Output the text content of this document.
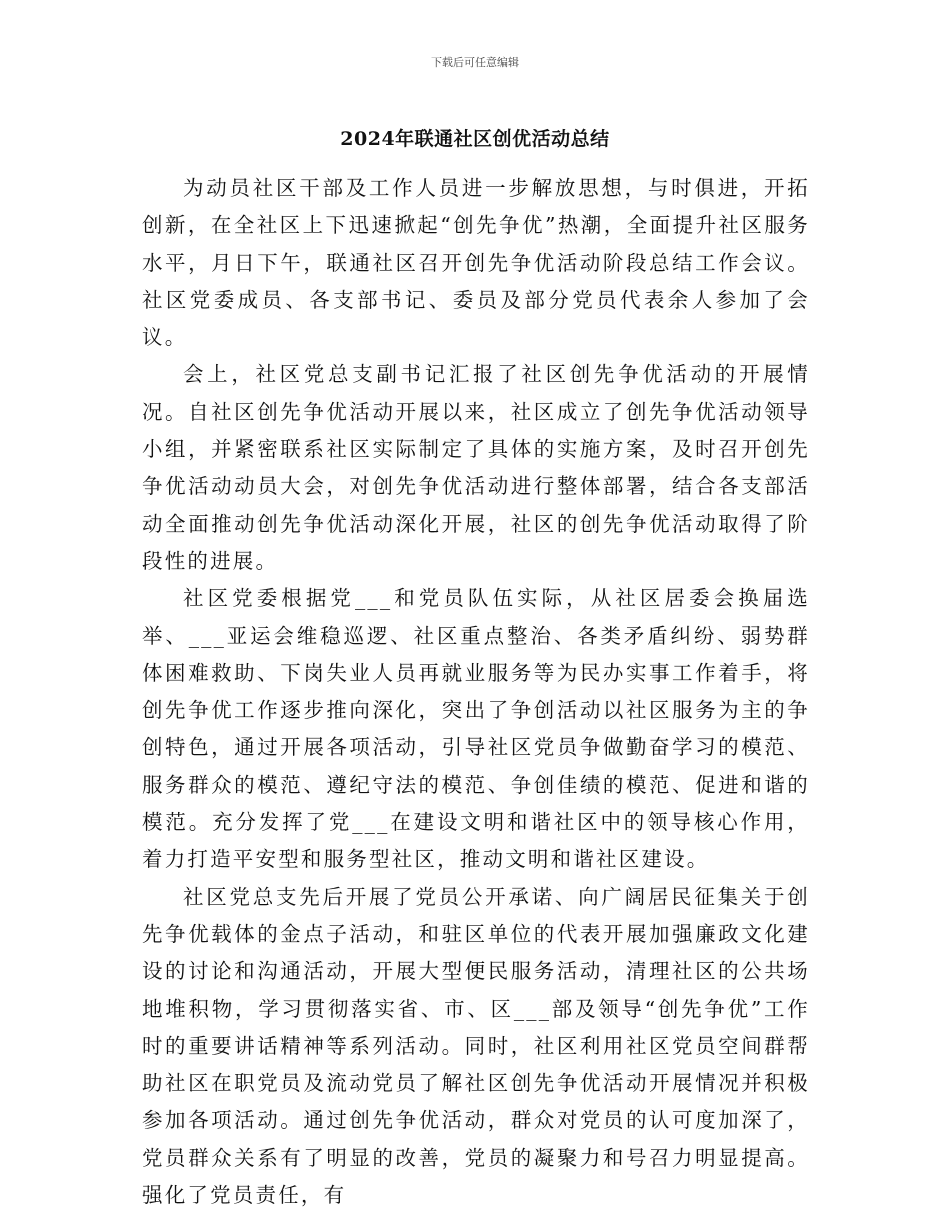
下载后可任意编辑
2024年联通社区创优活动总结

为动员社区干部及工作人员进一步解放思想，与时俱进，开拓创新，在全社区上下迅速掀起“创先争优”热潮，全面提升社区服务水平，月日下午，联通社区召开创先争优活动阶段总结工作会议。社区党委成员、各支部书记、委员及部分党员代表余人参加了会议。

会上，社区党总支副书记汇报了社区创先争优活动的开展情况。自社区创先争优活动开展以来，社区成立了创先争优活动领导小组，并紧密联系社区实际制定了具体的实施方案，及时召开创先争优活动动员大会，对创先争优活动进行整体部署，结合各支部活动全面推动创先争优活动深化开展，社区的创先争优活动取得了阶段性的进展。

社区党委根据党___和党员队伍实际，从社区居委会换届选举、___亚运会维稳巡逻、社区重点整治、各类矛盾纠纷、弱势群体困难救助、下岗失业人员再就业服务等为民办实事工作着手，将创先争优工作逐步推向深化，突出了争创活动以社区服务为主的争创特色，通过开展各项活动，引导社区党员争做勤奋学习的模范、服务群众的模范、遵纪守法的模范、争创佳绩的模范、促进和谐的模范。充分发挥了党___在建设文明和谐社区中的领导核心作用，着力打造平安型和服务型社区，推动文明和谐社区建设。

社区党总支先后开展了党员公开承诺、向广阔居民征集关于创先争优载体的金点子活动，和驻区单位的代表开展加强廉政文化建设的讨论和沟通活动，开展大型便民服务活动，清理社区的公共场地堆积物，学习贯彻落实省、市、区___部及领导“创先争优”工作时的重要讲话精神等系列活动。同时，社区利用社区党员空间群帮助社区在职党员及流动党员了解社区创先争优活动开展情况并积极参加各项活动。通过创先争优活动，群众对党员的认可度加深了，党员群众关系有了明显的改善，党员的凝聚力和号召力明显提高。强化了党员责任，有
